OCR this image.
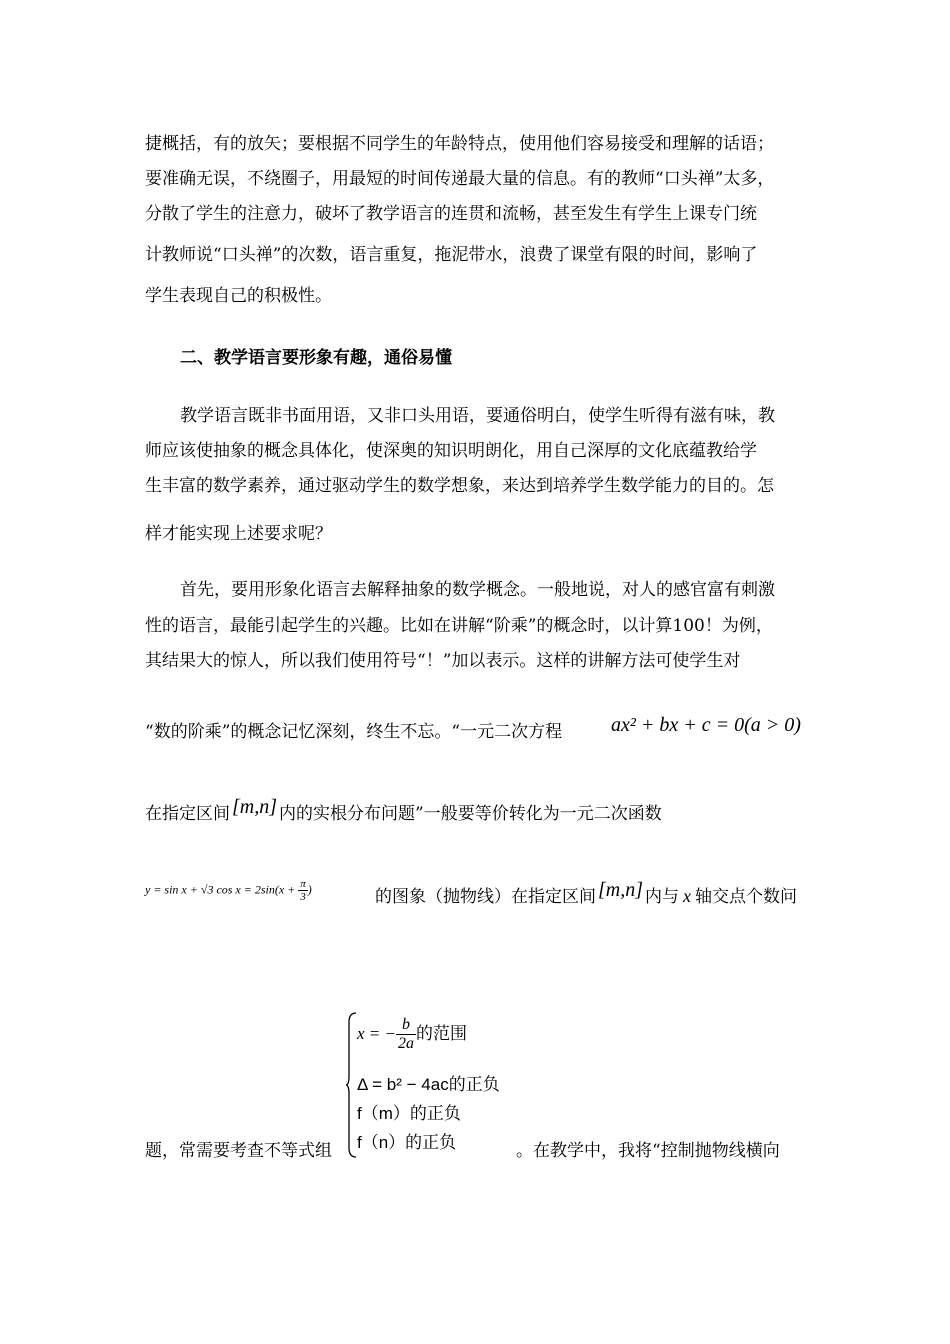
捷概括，有的放矢；要根据不同学生的年龄特点，使用他们容易接受和理解的话语；
要准确无误，不绕圈子，用最短的时间传递最大量的信息。有的教师“口头禅”太多，
分散了学生的注意力，破坏了教学语言的连贯和流畅，甚至发生有学生上课专门统
计教师说“口头禅”的次数，语言重复，拖泥带水，浪费了课堂有限的时间，影响了
学生表现自己的积极性。
二、教学语言要形象有趣，通俗易懂
教学语言既非书面用语，又非口头用语，要通俗明白，使学生听得有滋有味，教
师应该使抽象的概念具体化，使深奥的知识明朗化，用自己深厚的文化底蕴教给学
生丰富的数学素养，通过驱动学生的数学想象，来达到培养学生数学能力的目的。怎
样才能实现上述要求呢？
首先，要用形象化语言去解释抽象的数学概念。一般地说，对人的感官富有刺激
性的语言，最能引起学生的兴趣。比如在讲解“阶乘”的概念时，以计算100！为例，
其结果大的惊人，所以我们使用符号“！”加以表示。这样的讲解方法可使学生对
“数的阶乘”的概念记忆深刻，终生不忘。“一元二次方程	ax² + bx + c = 0(a > 0)
在指定区间 [m,n] 内的实根分布问题”一般要等价转化为一元二次函数
y = sin x + √3 $\cos x = 2\sin(x + \frac{\pi}{3}$ )	的图象（抛物线）在指定区间 [m,n] 内与 x 轴交点个数问
题，常需要考查不等式组
x = − $\frac{b}{2a}$ 的范围
Δ = b² − 4ac的正负
f（m）的正负
f（n）的正负	。在教学中，我将“控制抛物线横向
